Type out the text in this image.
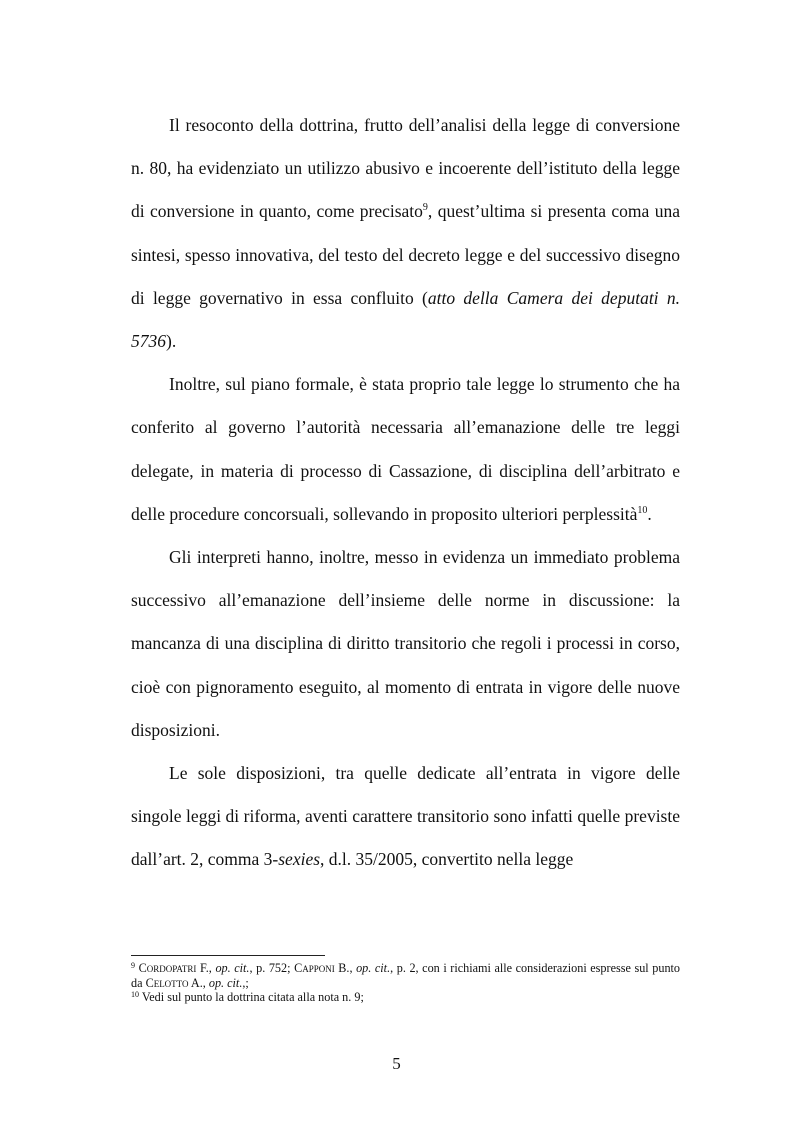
Il resoconto della dottrina, frutto dell’analisi della legge di conversione n. 80, ha evidenziato un utilizzo abusivo e incoerente dell’istituto della legge di conversione in quanto, come precisato$^9$, quest’ultima si presenta coma una sintesi, spesso innovativa, del testo del decreto legge e del successivo disegno di legge governativo in essa confluito (atto della Camera dei deputati n. 5736).

Inoltre, sul piano formale, è stata proprio tale legge lo strumento che ha conferito al governo l’autorità necessaria all’emanazione delle tre leggi delegate, in materia di processo di Cassazione, di disciplina dell’arbitrato e delle procedure concorsuali, sollevando in proposito ulteriori perplessità$^{10}$.

Gli interpreti hanno, inoltre, messo in evidenza un immediato problema successivo all’emanazione dell’insieme delle norme in discussione: la mancanza di una disciplina di diritto transitorio che regoli i processi in corso, cioè con pignoramento eseguito, al momento di entrata in vigore delle nuove disposizioni.

Le sole disposizioni, tra quelle dedicate all’entrata in vigore delle singole leggi di riforma, aventi carattere transitorio sono infatti quelle previste dall’art. 2, comma 3-sexies, d.l. 35/2005, convertito nella legge

$^9$ Cordopatri F., op. cit., p. 752; Capponi B., op. cit., p. 2, con i richiami alle considerazioni espresse sul punto da Celotto A., op. cit.,;

$^{10}$ Vedi sul punto la dottrina citata alla nota n. 9;

5
